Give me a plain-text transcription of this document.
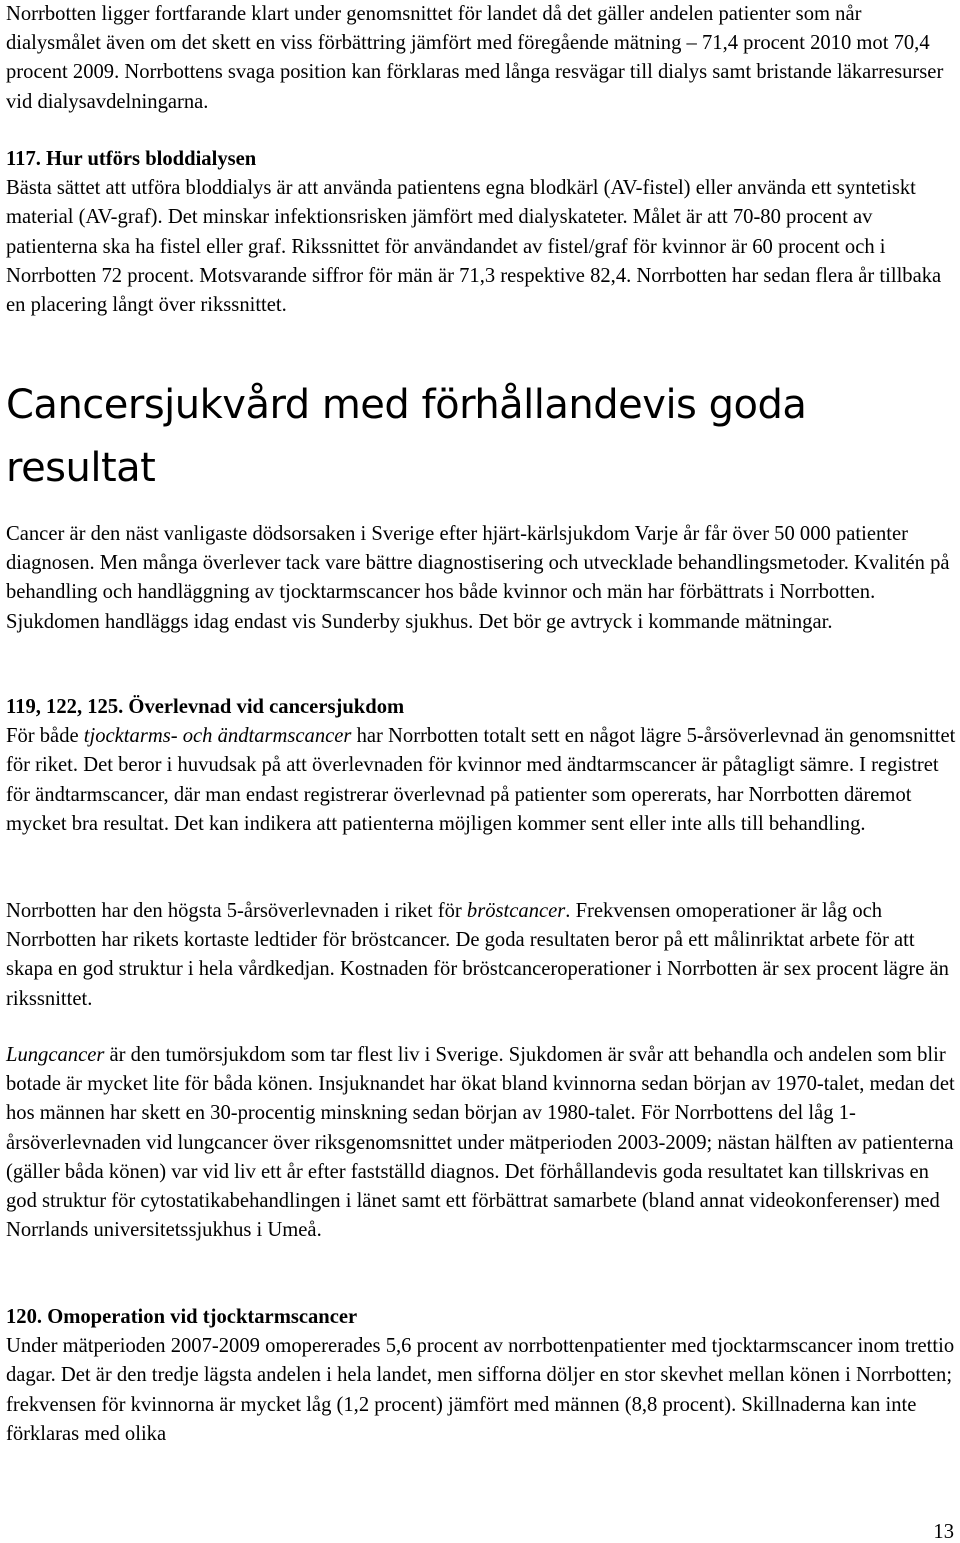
Norrbotten ligger fortfarande klart under genomsnittet för landet då det gäller andelen patienter som når dialysmålet även om det skett en viss förbättring jämfört med föregående mätning – 71,4 procent 2010 mot 70,4 procent 2009. Norrbottens svaga position kan förklaras med långa resvägar till dialys samt bristande läkarresurser vid dialysavdelningarna.

117. Hur utförs bloddialysen
Bästa sättet att utföra bloddialys är att använda patientens egna blodkärl (AV-fistel) eller använda ett syntetiskt material (AV-graf). Det minskar infektionsrisken jämfört med dialyskateter. Målet är att 70-80 procent av patienterna ska ha fistel eller graf. Rikssnittet för användandet av fistel/graf för kvinnor är 60 procent och i Norrbotten 72 procent. Motsvarande siffror för män är 71,3 respektive 82,4. Norrbotten har sedan flera år tillbaka en placering långt över rikssnittet.

Cancersjukvård med förhållandevis goda resultat

Cancer är den näst vanligaste dödsorsaken i Sverige efter hjärt-kärlsjukdom Varje år får över 50 000 patienter diagnosen. Men många överlever tack vare bättre diagnostisering och utvecklade behandlingsmetoder. Kvalitén på behandling och handläggning av tjocktarmscancer hos både kvinnor och män har förbättrats i Norrbotten. Sjukdomen handläggs idag endast vis Sunderby sjukhus. Det bör ge avtryck i kommande mätningar.

119, 122, 125. Överlevnad vid cancersjukdom
För både tjocktarms- och ändtarmscancer har Norrbotten totalt sett en något lägre 5-årsöverlevnad än genomsnittet för riket. Det beror i huvudsak på att överlevnaden för kvinnor med ändtarmscancer är påtagligt sämre. I registret för ändtarmscancer, där man endast registrerar överlevnad på patienter som opererats, har Norrbotten däremot mycket bra resultat. Det kan indikera att patienterna möjligen kommer sent eller inte alls till behandling.

Norrbotten har den högsta 5-årsöverlevnaden i riket för bröstcancer. Frekvensen omoperationer är låg och Norrbotten har rikets kortaste ledtider för bröstcancer. De goda resultaten beror på ett målinriktat arbete för att skapa en god struktur i hela vårdkedjan. Kostnaden för bröstcanceroperationer i Norrbotten är sex procent lägre än rikssnittet.

Lungcancer är den tumörsjukdom som tar flest liv i Sverige. Sjukdomen är svår att behandla och andelen som blir botade är mycket lite för båda könen. Insjuknandet har ökat bland kvinnorna sedan början av 1970-talet, medan det hos männen har skett en 30-procentig minskning sedan början av 1980-talet. För Norrbottens del låg 1-årsöverlevnaden vid lungcancer över riksgenomsnittet under mätperioden 2003-2009; nästan hälften av patienterna (gäller båda könen) var vid liv ett år efter fastställd diagnos. Det förhållandevis goda resultatet kan tillskrivas en god struktur för cytostatikabehandlingen i länet samt ett förbättrat samarbete (bland annat videokonferenser) med Norrlands universitetssjukhus i Umeå.

120. Omoperation vid tjocktarmscancer
Under mätperioden 2007-2009 omopererades 5,6 procent av norrbottenpatienter med tjocktarmscancer inom trettio dagar. Det är den tredje lägsta andelen i hela landet, men sifforna döljer en stor skevhet mellan könen i Norrbotten; frekvensen för kvinnorna är mycket låg (1,2 procent) jämfört med männen (8,8 procent). Skillnaderna kan inte förklaras med olika

13
